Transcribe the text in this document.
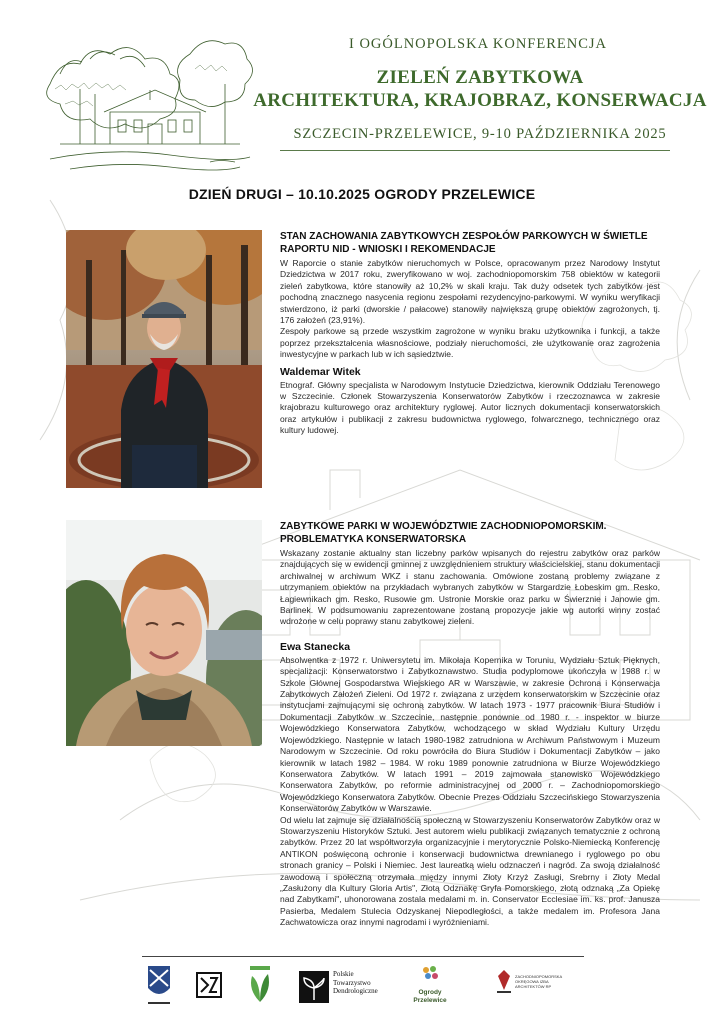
I OGÓLNOPOLSKA KONFERENCJA
ZIELEŃ ZABYTKOWA
ARCHITEKTURA, KRAJOBRAZ, KONSERWACJA
SZCZECIN-PRZELEWICE, 9-10 PAŹDZIERNIKA 2025
DZIEŃ DRUGI – 10.10.2025 OGRODY PRZELEWICE
STAN ZACHOWANIA ZABYTKOWYCH ZESPOŁÓW PARKOWYCH W ŚWIETLE RAPORTU NID - WNIOSKI I REKOMENDACJE

W Raporcie o stanie zabytków nieruchomych w Polsce, opracowanym przez Narodowy Instytut Dziedzictwa w 2017 roku, zweryfikowano w woj. zachodniopomorskim 758 obiektów w kategorii zieleń zabytkowa, które stanowiły aż 10,2% w skali kraju. Tak duży odsetek tych zabytków jest pochodną znacznego nasycenia regionu zespołami rezydencyjno-parkowymi. W wyniku weryfikacji stwierdzono, iż parki (dworskie / pałacowe) stanowiły największą grupę obiektów zagrożonych, tj. 176 założeń (23,91%).

Zespoły parkowe są przede wszystkim zagrożone w wyniku braku użytkownika i funkcji, a także poprzez przekształcenia własnościowe, podziały nieruchomości, złe użytkowanie oraz zagrożenia inwestycyjne w parkach lub w ich sąsiedztwie.

Waldemar Witek

Etnograf. Główny specjalista w Narodowym Instytucie Dziedzictwa, kierownik Oddziału Terenowego w Szczecinie. Członek Stowarzyszenia Konserwatorów Zabytków i rzeczoznawca w zakresie krajobrazu kulturowego oraz architektury ryglowej. Autor licznych dokumentacji konserwatorskich oraz artykułów i publikacji z zakresu budownictwa ryglowego, folwarcznego, technicznego oraz kultury ludowej.

ZABYTKOWE PARKI W WOJEWÓDZTWIE ZACHODNIOPOMORSKIM. PROBLEMATYKA KONSERWATORSKA

Wskazany zostanie aktualny stan liczebny parków wpisanych do rejestru zabytków oraz parków znajdujących się w ewidencji gminnej z uwzględnieniem struktury właścicielskiej, stanu dokumentacji archiwalnej w archiwum WKZ i stanu zachowania. Omówione zostaną problemy związane z utrzymaniem obiektów na przykładach wybranych zabytków w Stargardzie Łobeskim gm. Resko, Łagiewnikach gm. Resko, Rusowie gm. Ustronie Morskie oraz parku w Świerznie i Janowie gm. Barlinek. W podsumowaniu zaprezentowane zostaną propozycje jakie wg autorki winny zostać wdrożone w celu poprawy stanu zabytkowej zieleni.

Ewa Stanecka

Absolwentka z 1972 r. Uniwersytetu im. Mikołaja Kopernika w Toruniu, Wydziału Sztuk Pięknych, specjalizacji: Konserwatorstwo i Zabytkoznawstwo. Studia podyplomowe ukończyła w 1988 r. w Szkole Głównej Gospodarstwa Wiejskiego AR w Warszawie, w zakresie Ochrona i Konserwacja Zabytkowych Założeń Zieleni. Od 1972 r. związana z urzędem konserwatorskim w Szczecinie oraz instytucjami zajmującymi się ochroną zabytków. W latach 1973 - 1977 pracownik Biura Studiów i Dokumentacji Zabytków w Szczecinie, następnie ponownie od 1980 r. - inspektor w biurze Wojewódzkiego Konserwatora Zabytków, wchodzącego w skład Wydziału Kultury Urzędu Wojewódzkiego. Następnie w latach 1980-1982 zatrudniona w Archiwum Państwowym i Muzeum Narodowym w Szczecinie. Od roku powróciła do Biura Studiów i Dokumentacji Zabytków – jako kierownik w latach 1982 – 1984. W roku 1989 ponownie zatrudniona w Biurze Wojewódzkiego Konserwatora Zabytków. W latach 1991 – 2019 zajmowała stanowisko Wojewódzkiego Konserwatora Zabytków, po reformie administracyjnej od 2000 r. – Zachodniopomorskiego Wojewódzkiego Konserwatora Zabytków. Obecnie Prezes Oddziału Szczecińskiego Stowarzyszenia Konserwatorów Zabytków w Warszawie.

Od wielu lat zajmuje się działalnością społeczną w Stowarzyszeniu Konserwatorów Zabytków oraz w Stowarzyszeniu Historyków Sztuki. Jest autorem wielu publikacji związanych tematycznie z ochroną zabytków. Przez 20 lat współtworzyła organizacyjnie i merytorycznie Polsko-Niemiecką Konferencję ANTIKON poświęconą ochronie i konserwacji budownictwa drewnianego i ryglowego po obu stronach granicy – Polski i Niemiec. Jest laureatką wielu odznaczeń i nagród. Za swoją działalność zawodową i społeczną otrzymała między innymi Złoty Krzyż Zasługi, Srebrny i Złoty Medal „Zasłużony dla Kultury Gloria Artis", Złotą Odznakę Gryfa Pomorskiego, złotą odznaką „Za Opiekę nad Zabytkami", uhonorowana zostala medalami m. in. Conservator Ecclesiae im. ks. prof. Janusza Pasierba, Medalem Stulecia Odzyskanej Niepodległości, a także medalem im. Profesora Jana Zachwatowicza oraz innymi nagrodami i wyróżnieniami.

Polskie
Towarzystwo
Dendrologiczne	Ogrody
Przelewice
ZACHODNIOPOMORSKA
OKRĘGOWA IZBA
ARCHITEKTÓW RP
